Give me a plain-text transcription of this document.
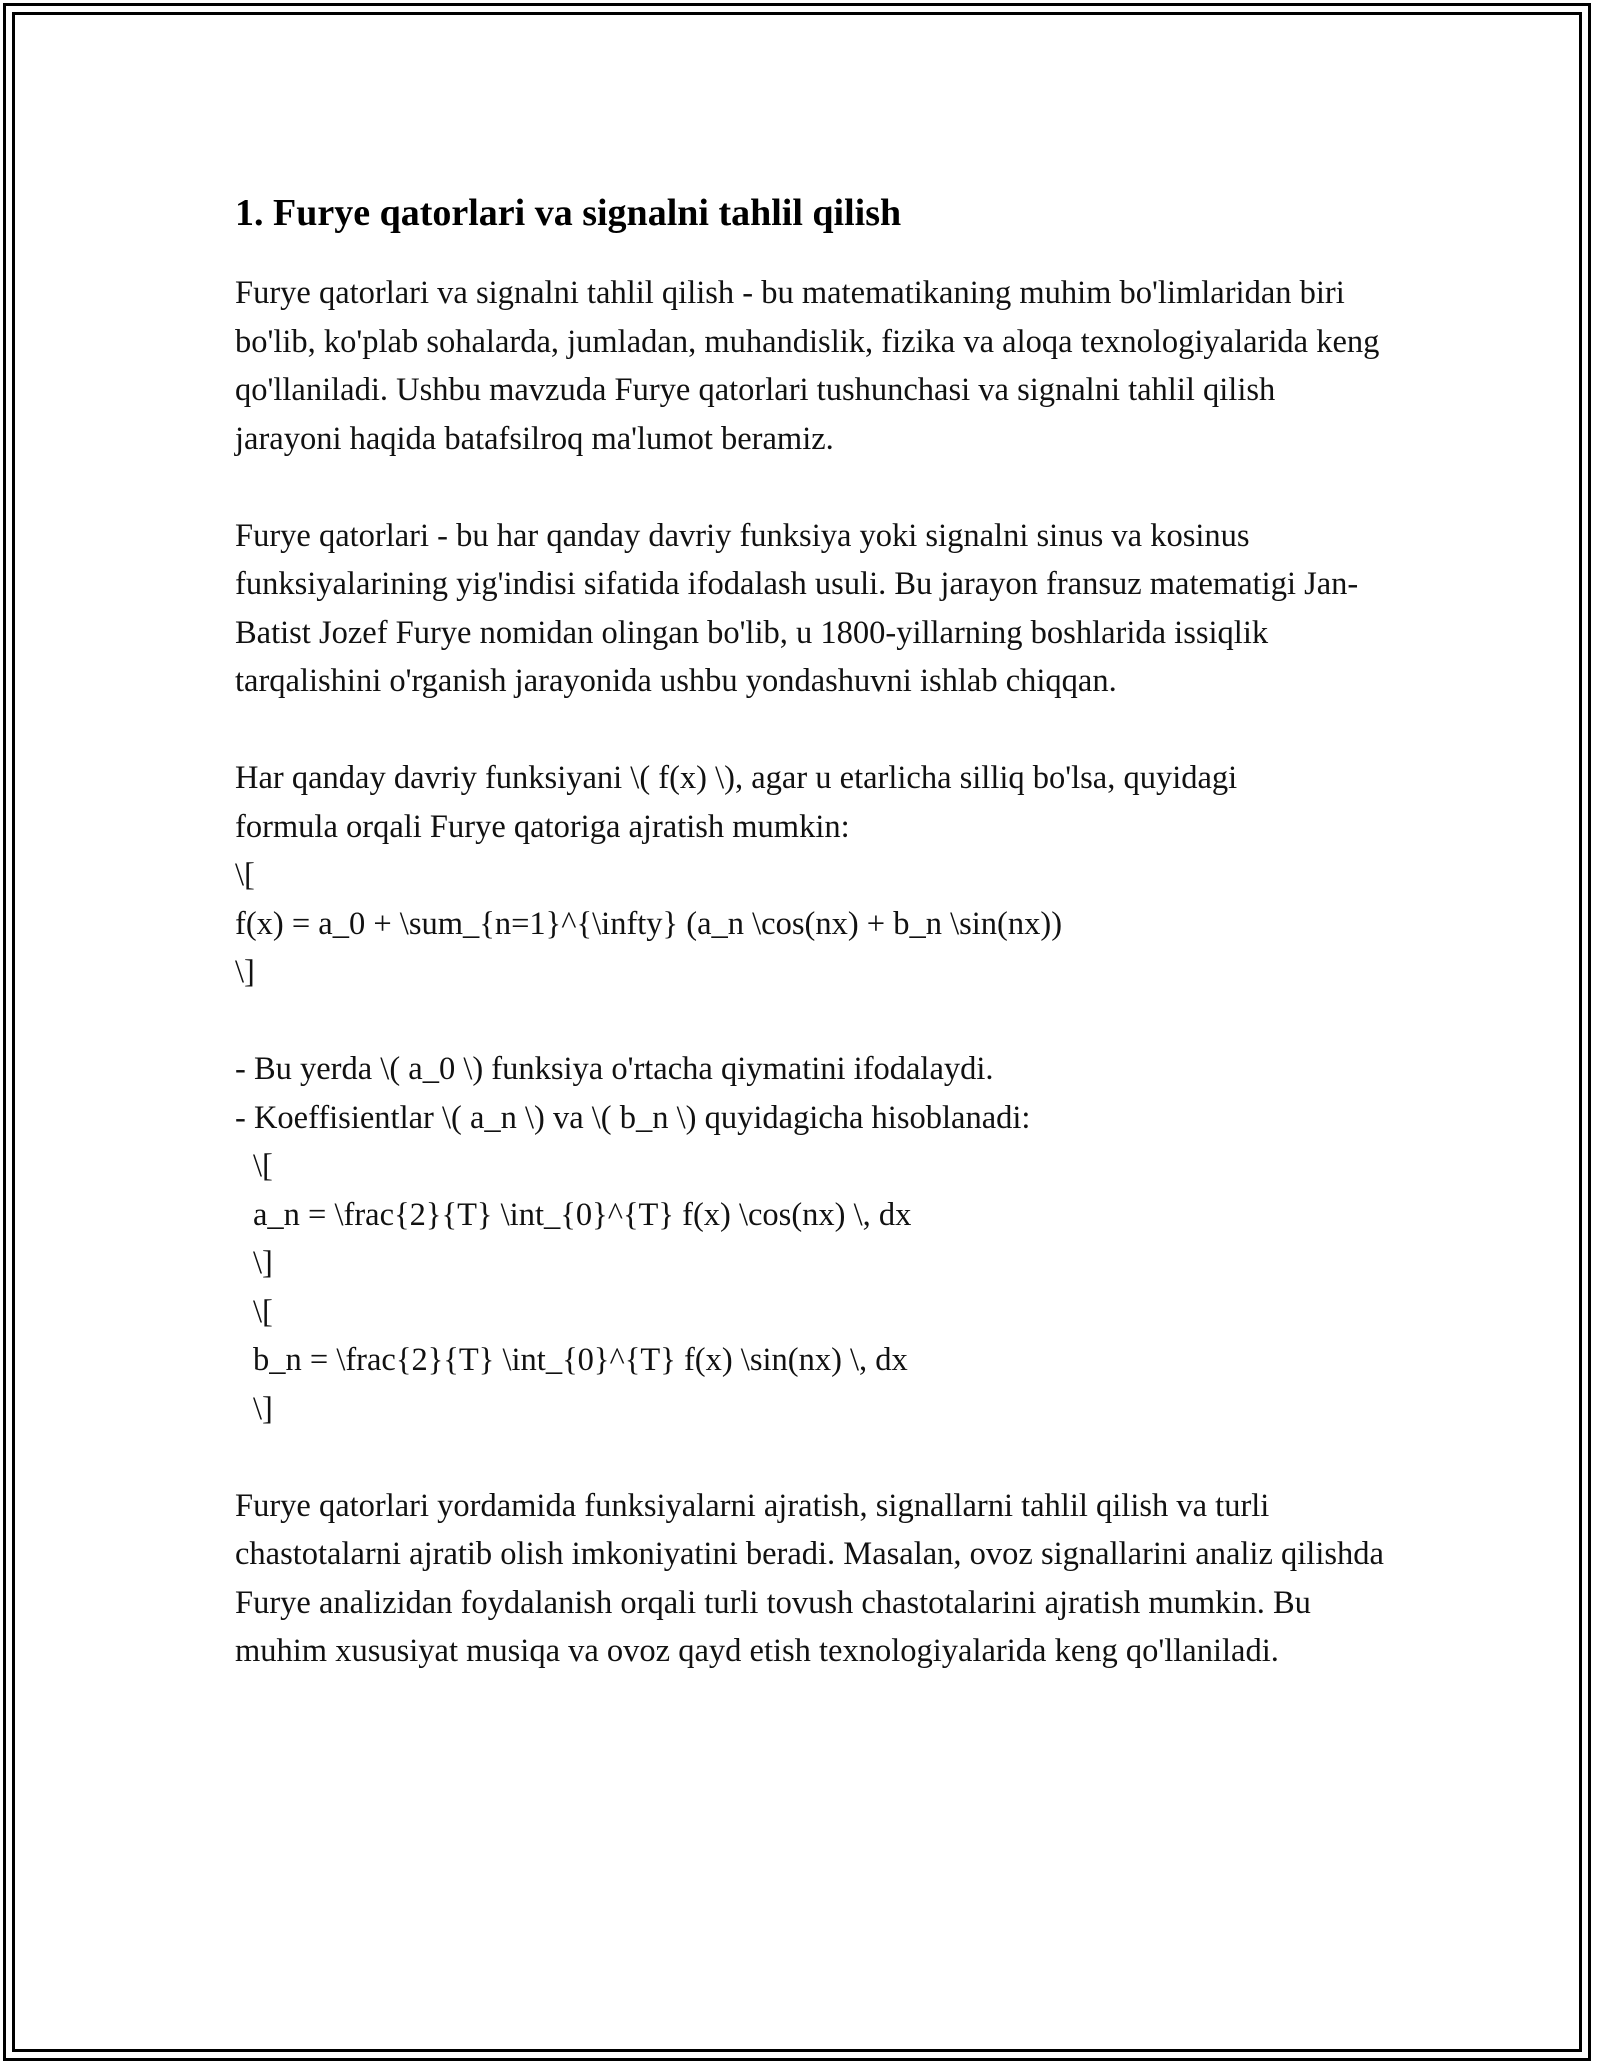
1. Furye qatorlari va signalni tahlil qilish

Furye qatorlari va signalni tahlil qilish - bu matematikaning muhim bo'limlaridan biri bo'lib, ko'plab sohalarda, jumladan, muhandislik, fizika va aloqa texnologiyalarida keng qo'llaniladi. Ushbu mavzuda Furye qatorlari tushunchasi va signalni tahlil qilish jarayoni haqida batafsilroq ma'lumot beramiz.

Furye qatorlari - bu har qanday davriy funksiya yoki signalni sinus va kosinus funksiyalarining yig'indisi sifatida ifodalash usuli. Bu jarayon fransuz matematigi Jan-Batist Jozef Furye nomidan olingan bo'lib, u 1800-yillarning boshlarida issiqlik tarqalishini o'rganish jarayonida ushbu yondashuvni ishlab chiqqan.

Har qanday davriy funksiyani \( f(x) \), agar u etarlicha silliq bo'lsa, quyidagi
formula orqali Furye qatoriga ajratish mumkin:
\[
f(x) = a_0 + \sum_{n=1}^{\infty} (a_n \cos(nx) + b_n \sin(nx))
\]
- Bu yerda \( a_0 \) funksiya o'rtacha qiymatini ifodalaydi.
- Koeffisientlar \( a_n \) va \( b_n \) quyidagicha hisoblanadi:
\[
a_n = \frac{2}{T} \int_{0}^{T} f(x) \cos(nx) \, dx
\]
\[
b_n = \frac{2}{T} \int_{0}^{T} f(x) \sin(nx) \, dx
\]

Furye qatorlari yordamida funksiyalarni ajratish, signallarni tahlil qilish va turli chastotalarni ajratib olish imkoniyatini beradi. Masalan, ovoz signallarini analiz qilishda Furye analizidan foydalanish orqali turli tovush chastotalarini ajratish mumkin. Bu muhim xususiyat musiqa va ovoz qayd etish texnologiyalarida keng qo'llaniladi.
